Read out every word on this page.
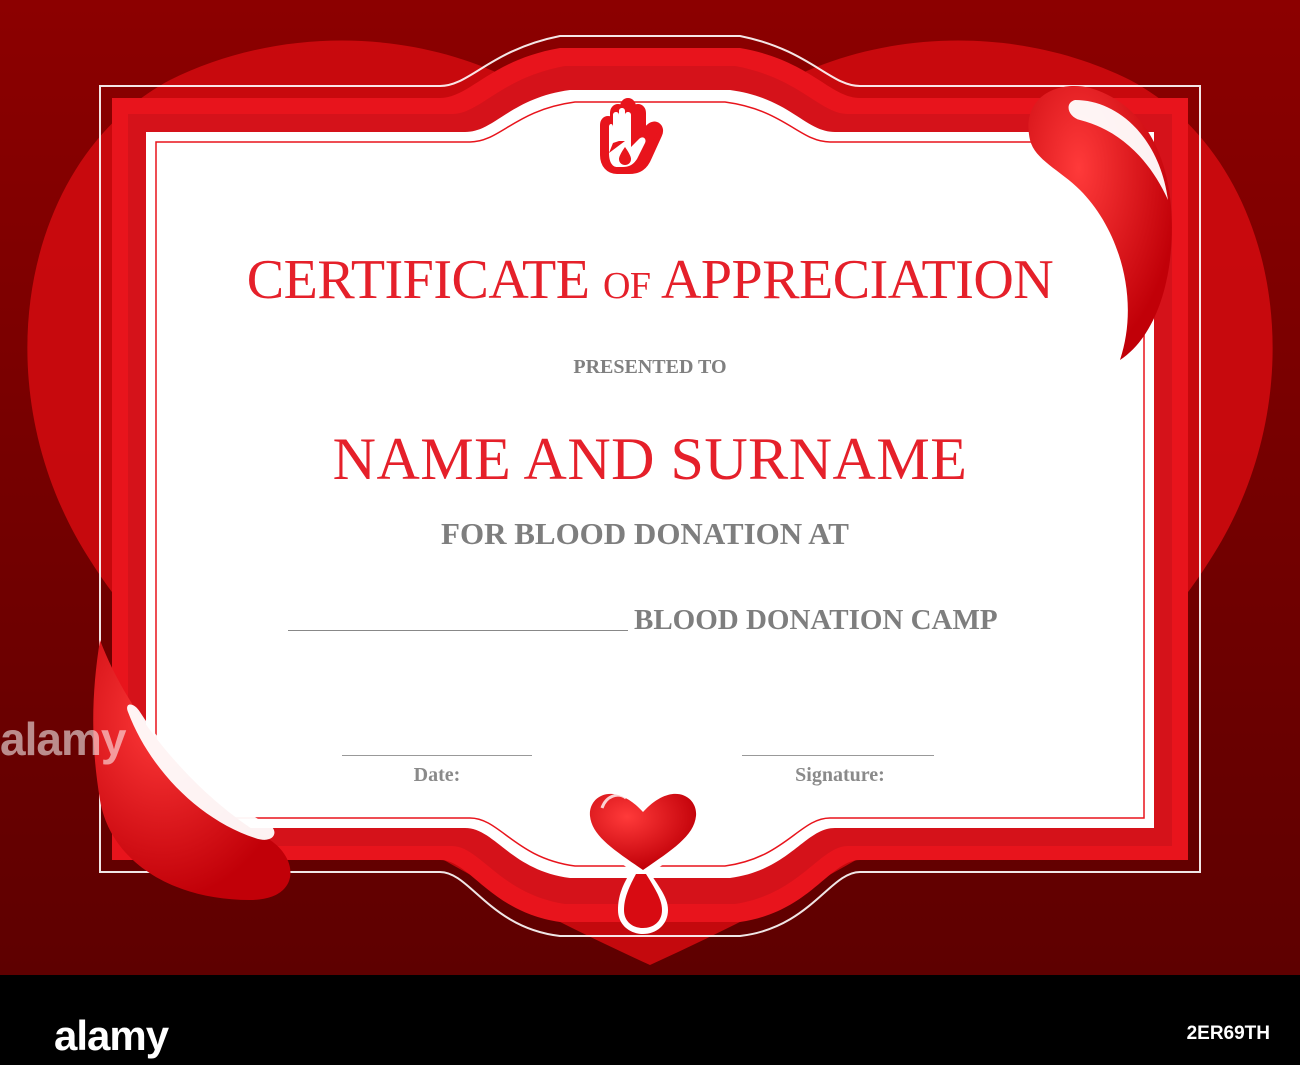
CERTIFICATE OF APPRECIATION
PRESENTED TO
NAME AND SURNAME
FOR BLOOD DONATION AT
BLOOD DONATION CAMP
Date:	Signature:
alamy
alamy	2ER69TH
